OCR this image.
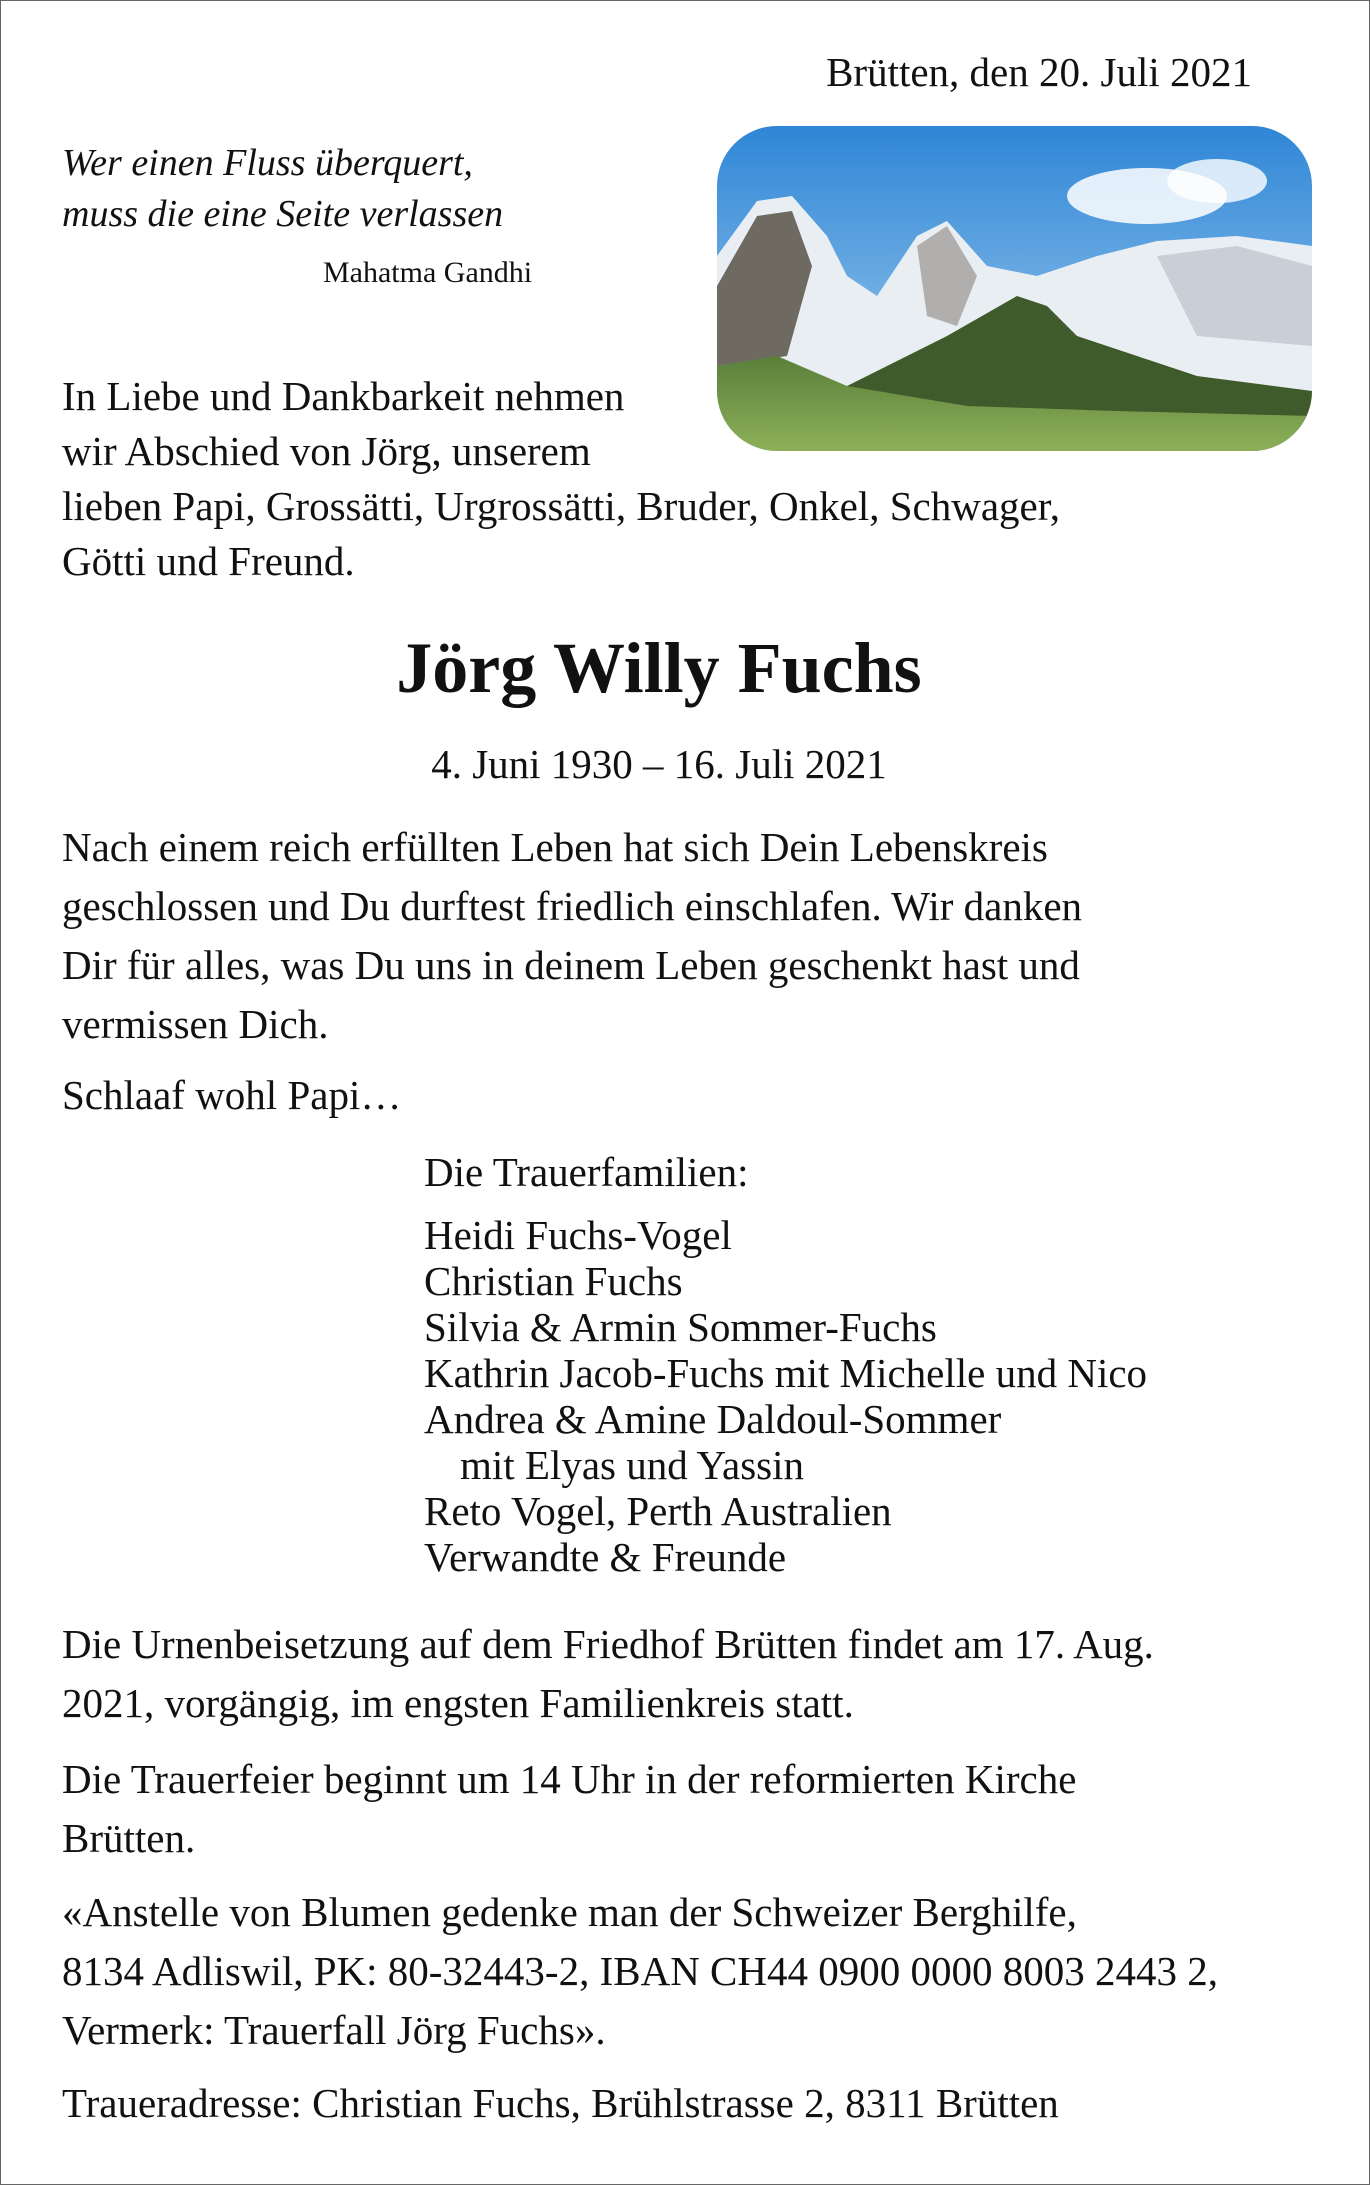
Brütten, den 20. Juli 2021

Wer einen Fluss überquert,
muss die eine Seite verlassen

Mahatma Gandhi

In Liebe und Dankbarkeit nehmen
wir Abschied von Jörg, unserem
lieben Papi, Grossätti, Urgrossätti, Bruder, Onkel, Schwager,
Götti und Freund.
Jörg Willy Fuchs

4. Juni 1930 – 16. Juli 2021

Nach einem reich erfüllten Leben hat sich Dein Lebenskreis
geschlossen und Du durftest friedlich einschlafen. Wir danken
Dir für alles, was Du uns in deinem Leben geschenkt hast und
vermissen Dich.
Schlaaf wohl Papi…

Die Trauerfamilien:

Heidi Fuchs-Vogel
Christian Fuchs
Silvia & Armin Sommer-Fuchs
Kathrin Jacob-Fuchs mit Michelle und Nico
Andrea & Amine Daldoul-Sommer
mit Elyas und Yassin
Reto Vogel, Perth Australien
Verwandte & Freunde
Die Urnenbeisetzung auf dem Friedhof Brütten findet am 17. Aug.
2021, vorgängig, im engsten Familienkreis statt.
Die Trauerfeier beginnt um 14 Uhr in der reformierten Kirche
Brütten.
«Anstelle von Blumen gedenke man der Schweizer Berghilfe,
8134 Adliswil, PK: 80-32443-2, IBAN CH44 0900 0000 8003 2443 2,
Vermerk: Trauerfall Jörg Fuchs».
Traueradresse: Christian Fuchs, Brühlstrasse 2, 8311 Brütten
